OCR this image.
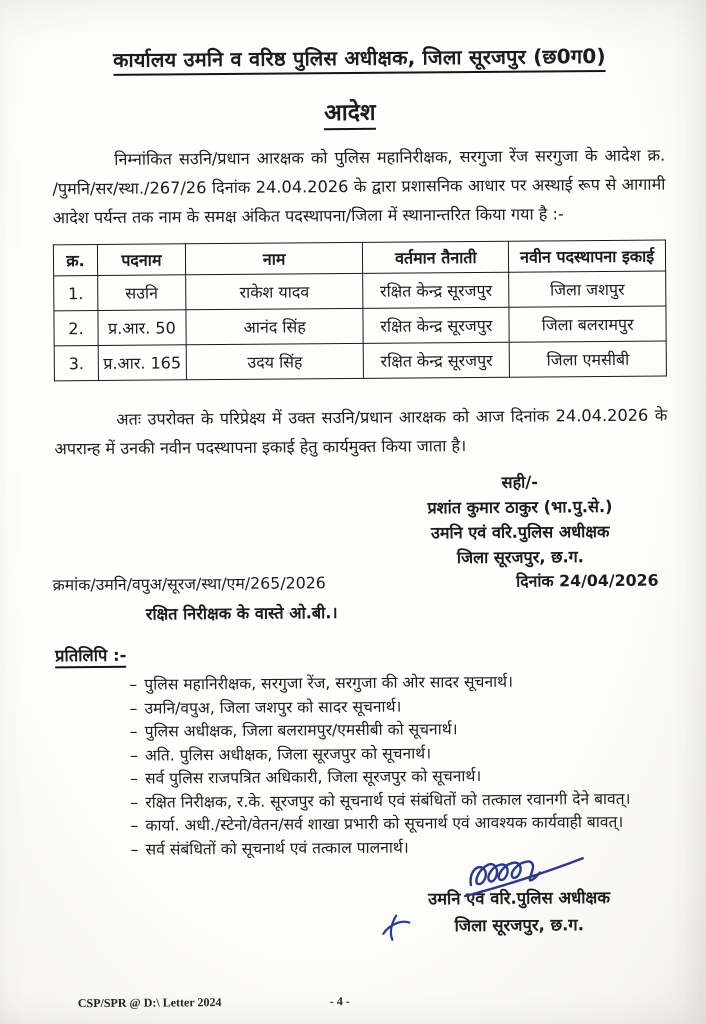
कार्यालय उमनि व वरिष्ठ पुलिस अधीक्षक, जिला सूरजपुर (छ0ग0)
आदेश
निम्नांकित सउनि/प्रधान आरक्षक को पुलिस महानिरीक्षक, सरगुजा रेंज सरगुजा के आदेश क्र.
/पुमनि/सर/स्था./267/26 दिनांक 24.04.2026 के द्वारा प्रशासनिक आधार पर अस्थाई रूप से आगामी
आदेश पर्यन्त तक नाम के समक्ष अंकित पदस्थापना/जिला में स्थानान्तरित किया गया है :-
क्र.	पदनाम	नाम	वर्तमान तैनाती	नवीन पदस्थापना इकाई
1.	सउनि	राकेश यादव	रक्षित केन्द्र सूरजपुर	जिला जशपुर
2.	प्र.आर. 50	आनंद सिंह	रक्षित केन्द्र सूरजपुर	जिला बलरामपुर
3.	प्र.आर. 165	उदय सिंह	रक्षित केन्द्र सूरजपुर	जिला एमसीबी
अतः उपरोक्त के परिप्रेक्ष्य में उक्त सउनि/प्रधान आरक्षक को आज दिनांक 24.04.2026 के
अपरान्ह में उनकी नवीन पदस्थापना इकाई हेतु कार्यमुक्त किया जाता है।
सही/-
प्रशांत कुमार ठाकुर (भा.पु.से.)
उमनि एवं वरि.पुलिस अधीक्षक
जिला सूरजपुर, छ.ग.
क्रमांक/उमनि/वपुअ/सूरज/स्था/एम/265/2026	दिनांक 24/04/2026
रक्षित निरीक्षक के वास्ते ओ.बी.।
प्रतिलिपि :-
– पुलिस महानिरीक्षक, सरगुजा रेंज, सरगुजा की ओर सादर सूचनार्थ।
– उमनि/वपुअ, जिला जशपुर को सादर सूचनार्थ।
– पुलिस अधीक्षक, जिला बलरामपुर/एमसीबी को सूचनार्थ।
– अति. पुलिस अधीक्षक, जिला सूरजपुर को सूचनार्थ।
– सर्व पुलिस राजपत्रित अधिकारी, जिला सूरजपुर को सूचनार्थ।
– रक्षित निरीक्षक, र.के. सूरजपुर को सूचनार्थ एवं संबंधितों को तत्काल रवानगी देने बावत्।
– कार्या. अधी./स्टेनो/वेतन/सर्व शाखा प्रभारी को सूचनार्थ एवं आवश्यक कार्यवाही बावत्।
– सर्व संबंधितों को सूचनार्थ एवं तत्काल पालनार्थ।
उमनि एवं वरि.पुलिस अधीक्षक
जिला सूरजपुर, छ.ग.
CSP/SPR @ D:\ Letter 2024	- 4 -
